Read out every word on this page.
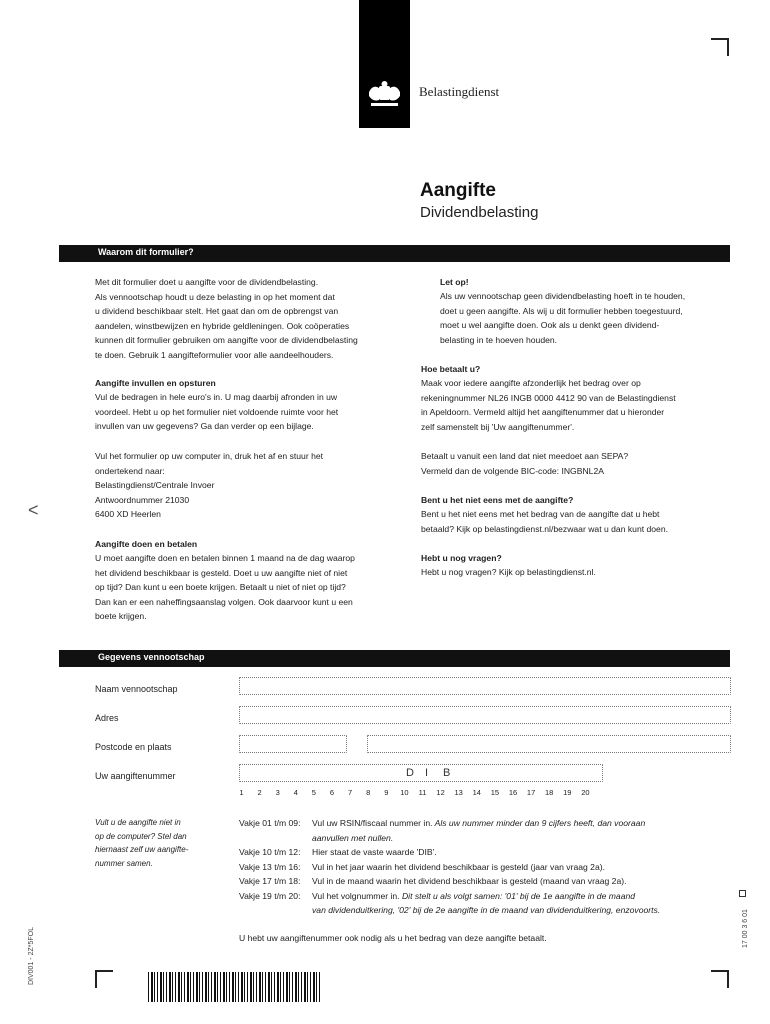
Belastingdienst
Aangifte
Dividendbelasting
Waarom dit formulier?
Met dit formulier doet u aangifte voor de dividendbelasting.
Als vennootschap houdt u deze belasting in op het moment dat
u dividend beschikbaar stelt. Het gaat dan om de opbrengst van
aandelen, winstbewijzen en hybride geldleningen. Ook coöperaties
kunnen dit formulier gebruiken om aangifte voor de dividendbelasting
te doen. Gebruik 1 aangifteformulier voor alle aandeelhouders.
Aangifte invullen en opsturen
Vul de bedragen in hele euro's in. U mag daarbij afronden in uw
voordeel. Hebt u op het formulier niet voldoende ruimte voor het
invullen van uw gegevens? Ga dan verder op een bijlage.
Vul het formulier op uw computer in, druk het af en stuur het
ondertekend naar:
Belastingdienst/Centrale Invoer
Antwoordnummer 21030
6400 XD Heerlen
Aangifte doen en betalen
U moet aangifte doen en betalen binnen 1 maand na de dag waarop
het dividend beschikbaar is gesteld. Doet u uw aangifte niet of niet
op tijd? Dan kunt u een boete krijgen. Betaalt u niet of niet op tijd?
Dan kan er een naheffingsaanslag volgen. Ook daarvoor kunt u een
boete krijgen.
Let op!
Als uw vennootschap geen dividendbelasting hoeft in te houden,
doet u geen aangifte. Als wij u dit formulier hebben toegestuurd,
moet u wel aangifte doen. Ook als u denkt geen dividend-
belasting in te hoeven houden.
Hoe betaalt u?
Maak voor iedere aangifte afzonderlijk het bedrag over op
rekeningnummer NL26 INGB 0000 4412 90 van de Belastingdienst
in Apeldoorn. Vermeld altijd het aangiftenummer dat u hieronder
zelf samenstelt bij 'Uw aangiftenummer'.
Betaalt u vanuit een land dat niet meedoet aan SEPA?
Vermeld dan de volgende BIC-code: INGBNL2A
Bent u het niet eens met de aangifte?
Bent u het niet eens met het bedrag van de aangifte dat u hebt
betaald? Kijk op belastingdienst.nl/bezwaar wat u dan kunt doen.
Hebt u nog vragen?
Hebt u nog vragen? Kijk op belastingdienst.nl.
Gegevens vennootschap
Naam vennootschap
Adres
Postcode en plaats
Uw aangiftenummer	D I B
1	2	3	4	5	6	7	8	9	10	11	12	13	14	15	16	17	18	19	20
Vult u de aangifte niet in
op de computer? Stel dan
hiernaast zelf uw aangifte-
nummer samen.
Vakje 01 t/m 09: Vul uw RSIN/fiscaal nummer in. Als uw nummer minder dan 9 cijfers heeft, dan vooraan
aanvullen met nullen.
Vakje 10 t/m 12: Hier staat de vaste waarde 'DIB'.
Vakje 13 t/m 16: Vul in het jaar waarin het dividend beschikbaar is gesteld (jaar van vraag 2a).
Vakje 17 t/m 18: Vul in de maand waarin het dividend beschikbaar is gesteld (maand van vraag 2a).
Vakje 19 t/m 20: Vul het volgnummer in. Dit stelt u als volgt samen: '01' bij de 1e aangifte in de maand
van dividenduitkering, '02' bij de 2e aangifte in de maand van dividenduitkering, enzovoorts.
U hebt uw aangiftenummer ook nodig als u het bedrag van deze aangifte betaalt.
<
DIV001 - 2Z*5FOL	17 00 3 6 01
